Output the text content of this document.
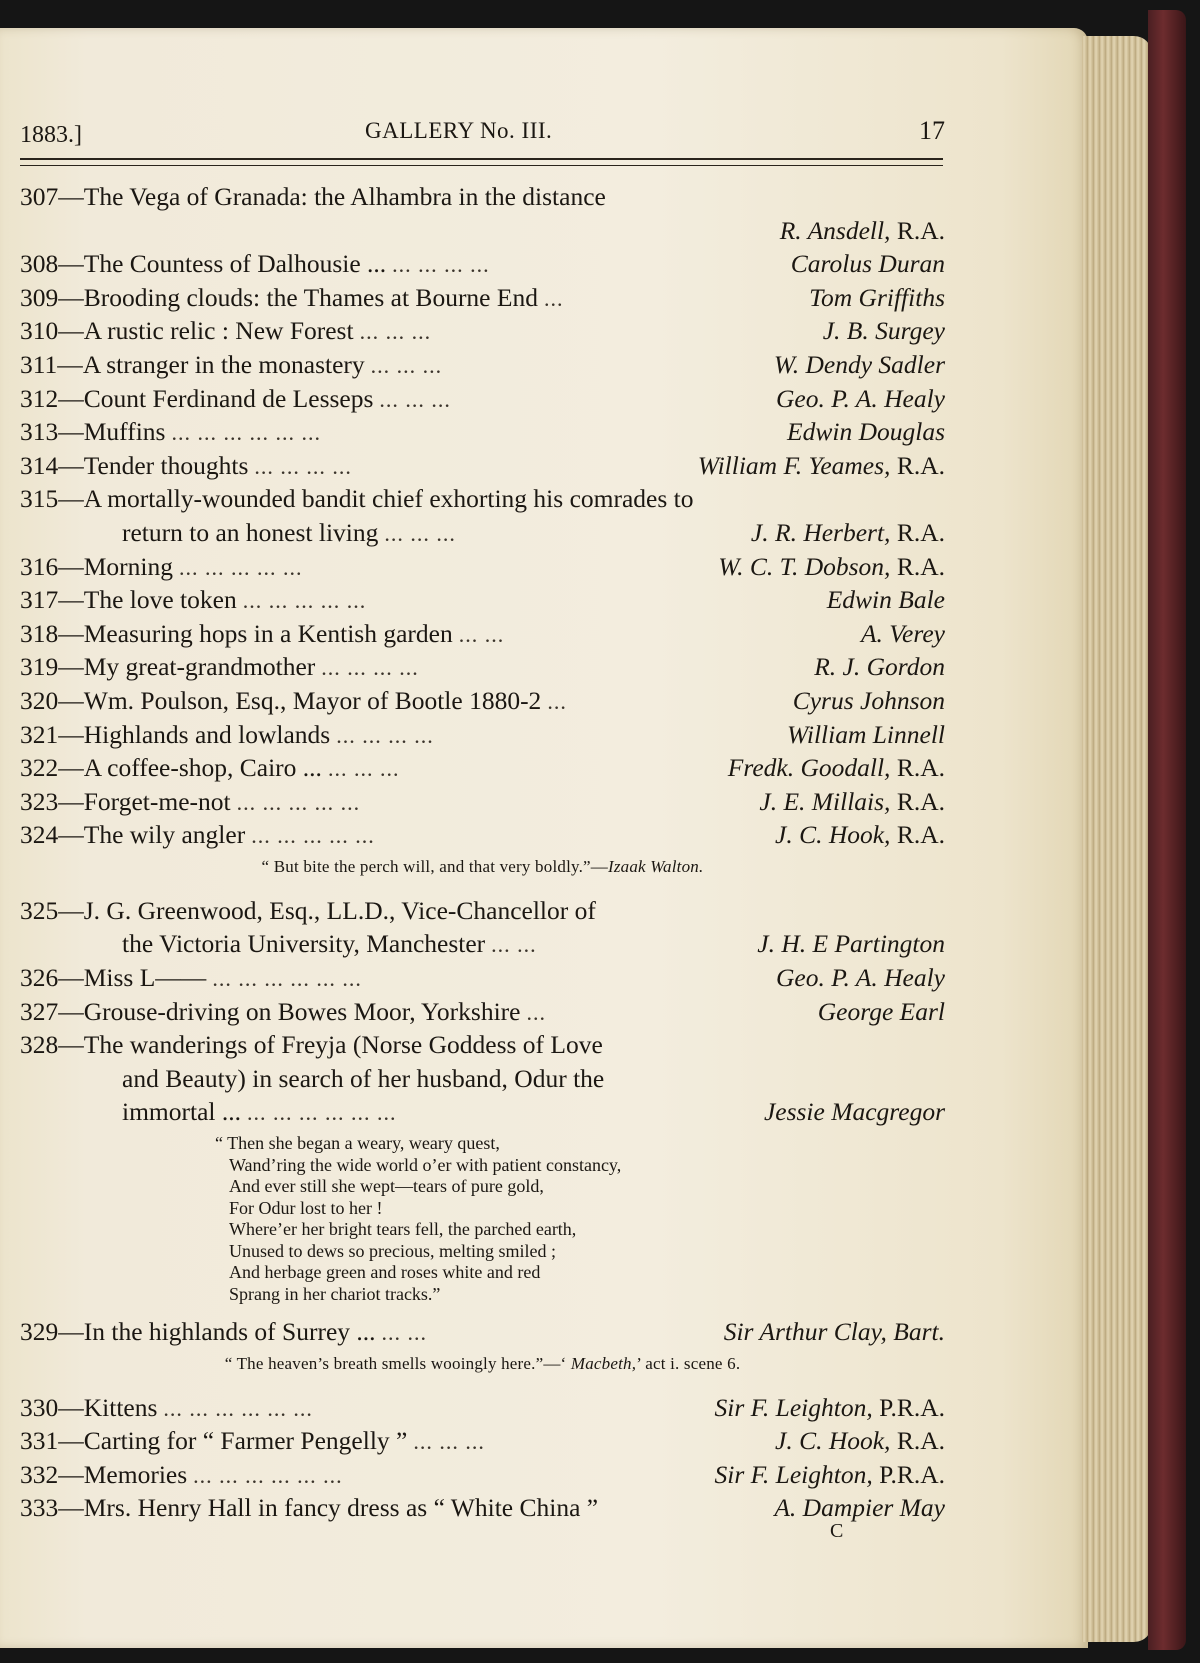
1883.]	GALLERY No. III.	17
307— The Vega of Granada: the Alhambra in the distance
R. Ansdell, R.A.
308— The Countess of Dalhousie ... ... ... ... ...	Carolus Duran
309— Brooding clouds: the Thames at Bourne End ...	Tom Griffiths
310— A rustic relic : New Forest ... ... ...	J. B. Surgey
311— A stranger in the monastery ... ... ...	W. Dendy Sadler
312— Count Ferdinand de Lesseps ... ... ...	Geo. P. A. Healy
313— Muffins ... ... ... ... ... ...	Edwin Douglas
314— Tender thoughts ... ... ... ...	William F. Yeames, R.A.
315— A mortally-wounded bandit chief exhorting his comrades to
return to an honest living ... ... ...	J. R. Herbert, R.A.
316— Morning ... ... ... ... ...	W. C. T. Dobson, R.A.
317— The love token ... ... ... ... ...	Edwin Bale
318— Measuring hops in a Kentish garden ... ...	A. Verey
319— My great-grandmother ... ... ... ...	R. J. Gordon
320— Wm. Poulson, Esq., Mayor of Bootle 1880-2 ...	Cyrus Johnson
321— Highlands and lowlands ... ... ... ...	William Linnell
322— A coffee-shop, Cairo ... ... ... ...	Fredk. Goodall, R.A.
323— Forget-me-not ... ... ... ... ...	J. E. Millais, R.A.
324— The wily angler ... ... ... ... ...	J. C. Hook, R.A.
“ But bite the perch will, and that very boldly.”—Izaak Walton.
325— J. G. Greenwood, Esq., LL.D., Vice-Chancellor of
the Victoria University, Manchester ... ...	J. H. E Partington
326— Miss L—— ... ... ... ... ... ...	Geo. P. A. Healy
327— Grouse-driving on Bowes Moor, Yorkshire ...	George Earl
328— The wanderings of Freyja (Norse Goddess of Love
and Beauty) in search of her husband, Odur the
immortal ... ... ... ... ... ... ...	Jessie Macgregor
“ Then she began a weary, weary quest,
Wand’ring the wide world o’er with patient constancy,
And ever still she wept—tears of pure gold,
For Odur lost to her !
Where’er her bright tears fell, the parched earth,
Unused to dews so precious, melting smiled ;
And herbage green and roses white and red
Sprang in her chariot tracks.”
329— In the highlands of Surrey ... ... ...	Sir Arthur Clay, Bart.
“ The heaven’s breath smells wooingly here.”—‘ Macbeth,’ act i. scene 6.
330— Kittens ... ... ... ... ... ...	Sir F. Leighton, P.R.A.
331— Carting for “ Farmer Pengelly ” ... ... ...	J. C. Hook, R.A.
332— Memories ... ... ... ... ... ...	Sir F. Leighton, P.R.A.
333— Mrs. Henry Hall in fancy dress as “ White China ”	A. Dampier May
C
